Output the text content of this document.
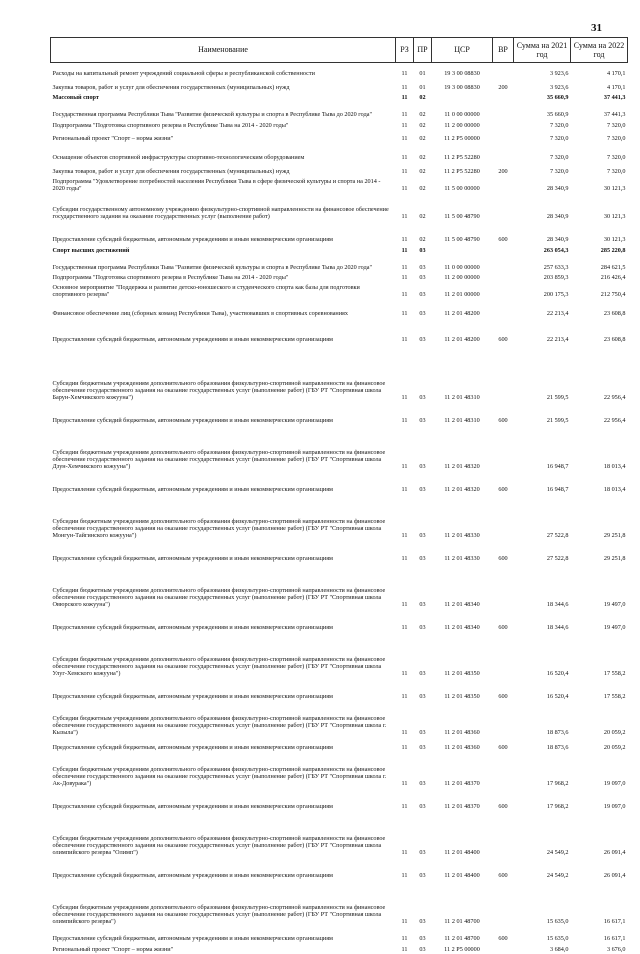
31
Наименование	РЗ	ПР	ЦСР	ВР	Сумма на 2021 год	Сумма на 2022 год
Расходы на капитальный ремонт учреждений социальной сферы и республиканской собственности	11	01	19 3 00 08830		3 923,6	4 170,1
Закупка товаров, работ и услуг для обеспечения государственных (муниципальных) нужд	11	01	19 3 00 08830	200	3 923,6	4 170,1
Массовый спорт	11	02			35 660,9	37 441,3
Государственная программа Республики Тыва "Развитие физической культуры и спорта в Республике Тыва до 2020 года"	11	02	11 0 00 00000		35 660,9	37 441,3
Подпрограмма "Подготовка спортивного резерва в Республике Тыва на 2014 - 2020 годы"	11	02	11 2 00 00000		7 320,0	7 320,0
Региональный проект "Спорт – норма жизни"	11	02	11 2 P5 00000		7 320,0	7 320,0
Оснащение объектов спортивной инфраструктуры спортивно-технологическим оборудованием	11	02	11 2 P5 52280		7 320,0	7 320,0
Закупка товаров, работ и услуг для обеспечения государственных (муниципальных) нужд	11	02	11 2 P5 52280	200	7 320,0	7 320,0
Подпрограмма "Удовлетворение потребностей населения Республики Тыва в сфере физической культуры и спорта на 2014 - 2020 годы"	11	02	11 5 00 00000		28 340,9	30 121,3
Субсидии государственному автономному учреждению физкультурно-спортивной направленности на финансовое обеспечение государственного задания на оказание государственных услуг (выполнение работ)	11	02	11 5 00 48790		28 340,9	30 121,3
Предоставление субсидий бюджетным, автономным учреждениям и иным некоммерческим организациям	11	02	11 5 00 48790	600	28 340,9	30 121,3
Спорт высших достижений	11	03			263 054,3	285 220,8
Государственная программа Республики Тыва "Развитие физической культуры и спорта в Республике Тыва до 2020 года"	11	03	11 0 00 00000		257 633,3	284 621,5
Подпрограмма "Подготовка спортивного резерва в Республике Тыва на 2014 - 2020 годы"	11	03	11 2 00 00000		203 859,3	216 426,4
Основное мероприятие "Поддержка и развитие детско-юношеского и студенческого спорта как базы для подготовки спортивного резерва"	11	03	11 2 01 00000		200 175,3	212 750,4
Финансовое обеспечение лиц (сборных команд Республики Тыва), участвовавших в спортивных соревнованиях	11	03	11 2 01 48200		22 213,4	23 608,8
Предоставление субсидий бюджетным, автономным учреждениям и иным некоммерческим организациям	11	03	11 2 01 48200	600	22 213,4	23 608,8
Субсидии бюджетным учреждениям дополнительного образования физкультурно-спортивной направленности на финансовое обеспечение государственного задания на оказание государственных услуг (выполнение работ) (ГБУ РТ "Спортивная школа Барун-Хемчикского кожууна")	11	03	11 2 01 48310		21 599,5	22 956,4
Предоставление субсидий бюджетным, автономным учреждениям и иным некоммерческим организациям	11	03	11 2 01 48310	600	21 599,5	22 956,4
Субсидии бюджетным учреждениям дополнительного образования физкультурно-спортивной направленности на финансовое обеспечение государственного задания на оказание государственных услуг (выполнение работ) (ГБУ РТ "Спортивная школа Дзун-Хемчикского кожууна")	11	03	11 2 01 48320		16 948,7	18 013,4
Предоставление субсидий бюджетным, автономным учреждениям и иным некоммерческим организациям	11	03	11 2 01 48320	600	16 948,7	18 013,4
Субсидии бюджетным учреждениям дополнительного образования физкультурно-спортивной направленности на финансовое обеспечение государственного задания на оказание государственных услуг (выполнение работ) (ГБУ РТ "Спортивная школа Монгун-Тайгинского кожууна")	11	03	11 2 01 48330		27 522,8	29 251,8
Предоставление субсидий бюджетным, автономным учреждениям и иным некоммерческим организациям	11	03	11 2 01 48330	600	27 522,8	29 251,8
Субсидии бюджетным учреждениям дополнительного образования физкультурно-спортивной направленности на финансовое обеспечение государственного задания на оказание государственных услуг (выполнение работ) (ГБУ РТ "Спортивная школа Овюрского кожууна")	11	03	11 2 01 48340		18 344,6	19 497,0
Предоставление субсидий бюджетным, автономным учреждениям и иным некоммерческим организациям	11	03	11 2 01 48340	600	18 344,6	19 497,0
Субсидии бюджетным учреждениям дополнительного образования физкультурно-спортивной направленности на финансовое обеспечение государственного задания на оказание государственных услуг (выполнение работ) (ГБУ РТ "Спортивная школа Улуг-Хемского кожууна")	11	03	11 2 01 48350		16 520,4	17 558,2
Предоставление субсидий бюджетным, автономным учреждениям и иным некоммерческим организациям	11	03	11 2 01 48350	600	16 520,4	17 558,2
Субсидии бюджетным учреждениям дополнительного образования физкультурно-спортивной направленности на финансовое обеспечение государственного задания на оказание государственных услуг (выполнение работ) (ГБУ РТ "Спортивная школа г. Кызыла")	11	03	11 2 01 48360		18 873,6	20 059,2
Предоставление субсидий бюджетным, автономным учреждениям и иным некоммерческим организациям	11	03	11 2 01 48360	600	18 873,6	20 059,2
Субсидии бюджетным учреждениям дополнительного образования физкультурно-спортивной направленности на финансовое обеспечение государственного задания на оказание государственных услуг (выполнение работ) (ГБУ РТ "Спортивная школа г. Ак-Довурака")	11	03	11 2 01 48370		17 968,2	19 097,0
Предоставление субсидий бюджетным, автономным учреждениям и иным некоммерческим организациям	11	03	11 2 01 48370	600	17 968,2	19 097,0
Субсидии бюджетным учреждениям дополнительного образования физкультурно-спортивной направленности на финансовое обеспечение государственного задания на оказание государственных услуг (выполнение работ) (ГБУ РТ "Спортивная школа олимпийского резерва "Олимп")	11	03	11 2 01 48400		24 549,2	26 091,4
Предоставление субсидий бюджетным, автономным учреждениям и иным некоммерческим организациям	11	03	11 2 01 48400	600	24 549,2	26 091,4
Субсидии бюджетным учреждениям дополнительного образования физкультурно-спортивной направленности на финансовое обеспечение государственного задания на оказание государственных услуг (выполнение работ) (ГБУ РТ "Спортивная школа олимпийского резерва")	11	03	11 2 01 48700		15 635,0	16 617,1
Предоставление субсидий бюджетным, автономным учреждениям и иным некоммерческим организациям	11	03	11 2 01 48700	600	15 635,0	16 617,1
Региональный проект "Спорт – норма жизни"	11	03	11 2 P5 00000		3 684,0	3 676,0
